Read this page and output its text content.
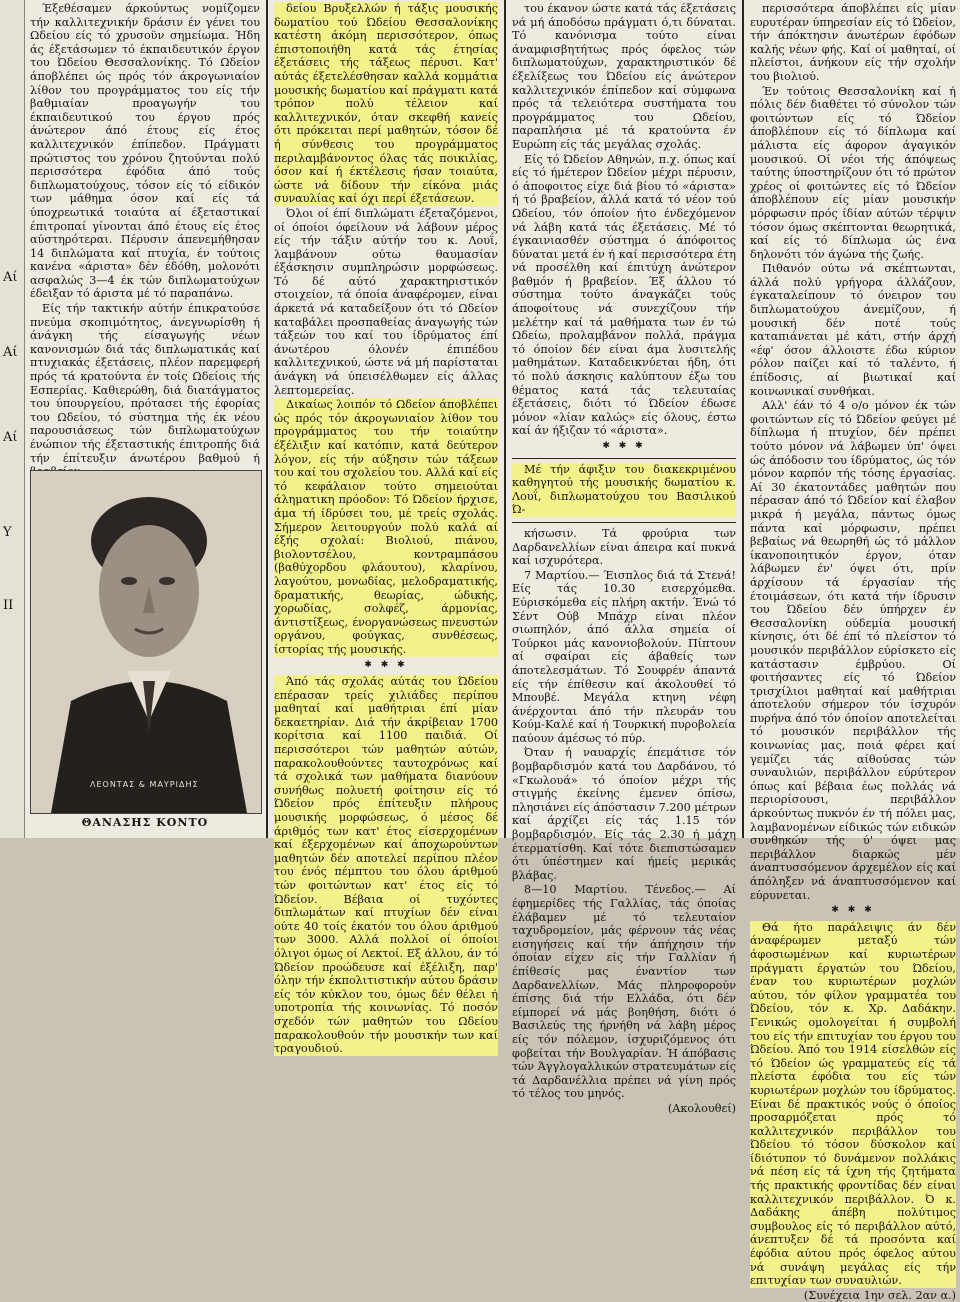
Αί
Υ
ΙΙ
Αί
Αί

Έξεθέσαμεν άρκούντως νομίζομεν τήν καλλιτεχνικήν δράσιν έν γένει του Ωδείου είς τό χρυσοϋν σημείωμα. Ήδη άς έξετάσωμεν τό έκπαιδευτικόν έργον του Ώδείου Θεσσαλονίκης. Τό Ωδείον άποβλέπει ώς πρός τόν άκρογωνιαίον λίθον του προγράμματος του είς τήν βαθμιαίαν προαγωγήν του έκπαιδευτικού του έργου πρός άνώτερον άπό έτους είς έτος καλλιτεχνικόν έπίπεδον. Πράγματι πρώτιστος του χρόνου ζητούνται πολύ περισσότερα έφόδια άπό τούς διπλωματούχους, τόσον είς τό είδικόν των μάθημα όσον καί είς τά ύποχρεωτικά τοιαύτα αί έξεταστικαί έπιτροπαί γίνονται άπό έτους είς έτος αύστηρότεραι. Πέρυσιν άπενεμήθησαν 14 διπλώματα καί πτυχία, έν τούτοις κανένα «άριστα» δέν έδόθη, μολονότι ασφαλώς 3—4 έκ τών διπλωματούχων έδειξαν τό άριστα μέ τό παραπάνω.

Είς τήν τακτικήν αύτήν έπικρατούσε πνεύμα σκοπιμότητος, άνεγνωρίσθη ή άνάγκη τής είσαγωγής νέων κανονισμών διά τάς διπλωματικάς καί πτυχιακάς έξετάσεις, πλέον παρεμφερή πρός τά κρατούντα έν τοίς Ωδείοις τής Εσπερίας. Καθιερώθη, διά διατάγματος του ύπουργείου, πρότασει τής έφορίας του Ωδείου, τό σύστημα τής έκ νέου παρουσιάσεως τών διπλωματούχων ένώπιον τής έξεταστικής έπιτροπής διά τήν έπίτευξιν άνωτέρου βαθμού ή

ΛΕΟΝΤΑΣ & ΜΑΥΡΙΔΗΣ
ΘΑΝΑΣΗΣ ΚΟΝΤΟ

δείου Βρυξελλών ή τάξις μουσικής δωματίου τού Ώδείου Θεσσαλονίκης κατέστη άκόμη περισσότερον, όπως έπιστοποιήθη κατά τάς έτησίας έξετάσεις τής τάξεως πέρυσι. Κατ' αύτάς έξετελέσθησαν καλλά κομμάτια μουσικής δωματίου καί πράγματι κατά τρόπον πολύ τέλειον καί καλλιτεχνικόν, όταν σκεφθή κανείς ότι πρόκειται περί μαθητών, τόσον δέ ή σύνθεσις του προγράμματος περιλαμβάνοντος όλας τάς ποικιλίας, όσον καί ή έκτέλεσις ήσαν τοιαύτα, ώστε νά δίδουν τήν είκόνα μιάς συναυλίας καί όχι περί έξετάσεων.

Όλοι οί έπί διπλώματι έξεταζόμενοι, οί όποίοι όφείλουν νά λάβουν μέρος είς τήν τάξιν αύτήν του κ. Λουΐ, λαμβάνουν ούτω θαυμασίαν έξάσκησιν συμπληρώσιν μορφώσεως. Τό δέ αύτό χαρακτηριστικόν στοιχείον, τά όποία άναφέρομεν, είναι άρκετά νά καταδείξουν ότι τό Ωδείον καταβάλει προσπαθείας άναγωγής τών τάξεών του καί του ίδρύματος έπί άνωτέρου όλονέν έπιπέδου καλλιτεχνικού, ώστε νά μή παρίσταται άνάγκη νά ύπεισέλθωμεν είς άλλας λεπτομερείας.

Δικαίως λοιπόν τό Ωδείον άποβλέπει ώς πρός τόν άκρογωνιαίον λίθον του προγράμματος του τήν τοιαύτην έξέλιξιν καί κατόπιν, κατά δεύτερον λόγον, είς τήν αύξησιν τών τάξεων του καί του σχολείου του. Αλλά καί είς τό κεφάλαιον τούτο σημειούται άληματικη πρόοδον: Τό Ώδείον ήρχισε, άμα τή ίδρύσει του, μέ τρείς σχολάς. Σήμερον λειτουργούν πολύ καλά αί έξής σχολαί: Βιολιού, πιάνου, βιολοντσέλου, κοντραμπάσου (βαθύχορδου φλάουτου), κλαρίνου, λαγούτου, μονωδίας, μελοδραματικής, δραματικής, θεωρίας, ώδικής, χορωδίας, σολφέζ, άρμονίας, άντιστίξεως, ένοργανώσεως πνευστών οργάνου, φούγκας, συνθέσεως, ίστορίας τής μουσικής.

✱ ✱ ✱

Άπό τάς σχολάς αύτάς του Ώδείου επέρασαν τρείς χιλιάδες περίπου μαθηταί καί μαθήτριαι έπί μίαν δεκαετηρίαν. Διά τήν άκρίβειαν 1700 κορίτσια καί 1100 παιδιά. Οί περισσότεροι τών μαθητών αύτών, παρακολουθούντες ταυτοχρόνως καί τά σχολικά των μαθήματα διανύουν συνήθως πολυετή φοίτησιν είς τό Ώδείον πρός έπίτευξιν πλήρους μουσικής μορφώσεως, ό μέσος δέ άριθμός των κατ' έτος είσερχομένων καί έξερχομένων καί άποχωρούντων μαθητών δέν αποτελεί περίπου πλέον του ένός πέμπτου του όλου άριθμού τών φοιτώντων κατ' έτος είς τό Ώδείον. Βέβαια οί τυχόντες διπλωμάτων καί πτυχίων δέν είναι ούτε 40 τοίς έκατόν του όλου άριθμού των 3000. Αλλά πολλοί οί όποίοι όλιγοι όμως οί Λεκτοί. Εξ άλλου, άν τό Ώδείον προώδευσε καί έξέλιξη, παρ' όλην τήν έκπολιτιστικήν αύτου δράσιν είς τόν κύκλον του, όμως δέν θέλει ή υποτροπία τής κοινωνίας. Τό ποσόν σχεδόν τών μαθητών του Ωδείου παρακολουθούν τήν μουσικήν των καί τραγουδιού.

του έκανον ώστε κατά τάς έξετάσεις νά μή άποδόσω πράγματι ό,τι δύναται. Τό κανόνισμα τούτο είναι άναμφισβητήτως πρός όφελος τών διπλωματούχων, χαρακτηριστικόν δέ έξελίξεως του Ώδείου είς άνώτερον καλλιτεχνικόν έπίπεδον καί σύμφωνα πρός τά τελειότερα συστήματα του προγράμματος του Ωδείου, παραπλήσια μέ τά κρατούντα έν Ευρώπη είς τάς μεγάλας σχολάς.

Είς τό Ώδείον Αθηνών, π.χ. όπως καί είς τό ήμέτερον Ώδείον μέχρι πέρυσιν, ό άποφοιτος είχε διά βίου τό «άριστα» ή τό βραβείον, άλλά κατά τό νέον τού Ωδείου, τόν όποίον ήτο ένδεχόμενον νά λάβη κατά τάς έξετάσεις. Μέ τό έγκαινιασθέν σύστημα ό άπόφοιτος δύναται μετά έν ή καί περισσότερα έτη νά προσέλθη καί έπιτύχη άνώτερον βαθμόν ή βραβείον. Έξ άλλου τό σύστημα τούτο άναγκάζει τούς άποφοίτους νά συνεχίζουν τήν μελέτην καί τά μαθήματα των έν τώ Ωδείω, προλαμβάνον πολλά, πράγμα τό όποίον δέν είναι άμα λυσιτελής μαθημάτων. Καταδεικνύεται ήδη, ότι τό πολύ άσκησις καλύπτουν έξω του θέματος κατά τάς τελευταίας έξετάσεις, διότι τό Ώδείον έδωσε μόνον «λίαν καλώς» είς όλους, έστω καί άν ήξιζαν τό «άριστα».

✱ ✱ ✱

Μέ τήν άφιξιν του διακεκριμένου καθηγητού τής μουσικής δωματίου κ. Λουΐ, διπλωματούχου του Βασιλικού Ώ-

κήσωσιν. Τά φρούρια των Δαρδανελλίων είναι άπειρα καί πυκνά καί ισχυρότερα.

7 Μαρτίου.— Έισπλος διά τά Στενά! Είς τάς 10.30 εισερχόμεθα. Εύρισκόμεθα είς πλήρη ακτήν. Ένώ τό Σέντ Ούβ Μπάχρ είναι πλέον σιωπηλόν, άπό άλλα σημεία οί Τούρκοι μάς κανονιοβολούν. Πίπτουν αί σφαίραι είς άβαθείς των άποτελεσμάτων. Τό Σουφρέν άπαντά είς τήν έπίθεσιν καί άκολουθεί τό Μπουβέ. Μεγάλα κτηνη νέφη άνέρχονται άπό τήν πλευράν του Κούμ-Καλέ καί ή Τουρκική πυροβολεία παύουν άμέσως τό πύρ.

Όταν ή ναυαρχίς έπεμάτισε τόν βομβαρδισμόν κατά του Δαρδάνου, τό «Γκωλουά» τό όποίον μέχρι τής στιγμής έκείνης έμενεν όπίσω, πλησιάνει είς άπόστασιν 7.200 μέτρων καί άρχίζει είς τάς 1.15 τόν βομβαρδισμόν. Είς τάς 2.30 ή μάχη έτερματίσθη. Καί τότε διεπιστώσαμεν ότι ύπέστημεν καί ήμείς μερικάς βλάβας.

8—10 Μαρτίου. Τένεδος.— Αί έφημερίδες τής Γαλλίας, τάς όποίας έλάβαμεν μέ τό τελευταίον ταχυδρομείον, μάς φέρνουν τάς νέας εισηγήσεις καί τήν άπήχησιν τήν όποίαν είχεν είς τήν Γαλλίαν ή έπίθεσίς μας έναντίον των Δαρδανελλίων. Μάς πληροφορούν έπίσης διά τήν Ελλάδα, ότι δέν είμπορεί νά μάς βοηθήση, διότι ό Βασιλεύς της ήρνήθη νά λάβη μέρος είς τόν πόλεμον, ίσχυριζόμενος ότι φοβείται τήν Βουλγαρίαν. Ή άπόβασις τών Άγγλογαλλικών στρατευμάτων είς τά Δαρδανέλλια πρέπει νά γίνη πρός τό τέλος του μηνός.

(Ακολουθεί)

περισσότερα άποβλέπει είς μίαν ευρυτέραν ύπηρεσίαν είς τό Ώδείον, τήν άπόκτησιν άνωτέρων έφόδων καλής νέων φής. Καί οί μαθηταί, οί πλείστοι, άνήκουν είς τήν σχολήν του βιολιού.

Έν τούτοις Θεσσαλονίκη καί ή πόλις δέν διαθέτει τό σύνολον τών φοιτώντων είς τό Ώδείον άποβλέπουν είς τό δίπλωμα καί μάλιστα είς άφορον άγαγικόν μουσικού. Οί νέοι τής άπόψεως ταύτης ύποστηρίζουν ότι τό πρώτον χρέος οί φοιτώντες είς τό Ώδείον άποβλέπουν είς μίαν μουσικήν μόρφωσιν πρός ίδίαν αύτών τέρψιν τόσον όμως σκέπτονται θεωρητικά, καί είς τό δίπλωμα ώς ένα δηλονότι τόν άγώνα τής ζωής.

Πιθανόν ούτω νά σκέπτωνται, άλλά πολύ γρήγορα άλλάζουν, έγκαταλείπουν τό όνειρον του διπλωματούχου άνεμίζουν, ή μουσική δέν ποτέ τούς καταπιάνεται μέ κάτι, στήν άρχή «έφ' όσον άλλοιστε έδω κύριον ρόλον παίζει καί τό ταλέντο, ή έπίδοσις, αί βιωτικαί καί κοινωνικαί συνθήκαι.

Αλλ' έάν τό 4 ο/ο μόνον έκ τών φοιτώντων είς τό Ώδείον φεύγει μέ δίπλωμα ή πτυχίον, δέν πρέπει τούτο μόνον νά λάβωμεν ύπ' όψει ώς άπόδοσιν του ίδρύματος, ώς τόν μόνον καρπόν τής τόσης έργασίας. Αί 30 έκατοντάδες μαθητών που πέρασαν άπό τό Ώδείον καί έλαβον μικρά ή μεγάλα, πάντως όμως πάντα καί μόρφωσιν, πρέπει βεβαίως νά θεωρηθή ώς τό μάλλον ίκανοποιητικόν έργον, όταν λάβωμεν έν' όψει ότι, πρίν άρχίσουν τά έργασίαν τής έτοιμάσεων, ότι κατά τήν ίδρυσιν του Ώδείου δέν ύπήρχεν έν Θεσσαλονίκη ούδεμία μουσική κίνησις, ότι δέ έπί τό πλείστον τό μουσικόν περιβάλλον εύρίσκετο είς κατάστασιν έμβρύου. Οί φοιτήσαντες είς τό Ώδείον τρισχίλιοι μαθηταί καί μαθήτριαι άποτελούν σήμερον τόν ίσχυρόν πυρήνα άπό τόν όποίον αποτελείται τό μουσικόν περιβάλλον τής κοινωνίας μας, ποιά φέρει καί γεμίζει τάς αίθούσας τών συναυλιών, περιβάλλον εύρύτερον όπως καί βέβαια έως πολλάς νά περιορίσουσι, περιβάλλον άρκούντως πυκνόν έν τή πόλει μας, λαμβανομένων είδικώς τών ειδικών συνθηκών τής ύ' όψει μας περιβάλλον διαρκώς μέν άναπτυσσόμενον άρχεμέλον είς καί άπόληξεν νά άναπτυσσόμενον καί εύρυνεται.

✱ ✱ ✱

Θά ήτο παράλειψις άν δέν άναφέρωμεν μεταξύ τών άφοσιωμένων καί κυριωτέρων πράγματι έργατών του Ώδείου, έναν του κυριωτέρων μοχλών αύτου, τόν φίλον γραμματέα του Ώδείου, τόν κ. Χρ. Δαδάκην. Γενικώς ομολογείται ή συμβολή του είς τήν επιτυχίαν του έργου του Ώδείου. Άπό του 1914 είσελθών είς τό Ώδείον ώς γραμματεύς είς τά πλείστα έφόδια του είς τών κυριωτέρων μοχλών του ίδρύματος. Είναι δέ πρακτικός νούς ό όποίος προσαρμόζεται πρός τό καλλιτεχνικόν περιβάλλον του Ώδείου τό τόσον δύσκολον καί ίδιότυπον τό δυνάμενον πολλάκις νά πέση είς τά ίχνη τής ζητήματα τής πρακτικής φροντίδας δέν είναι καλλιτεχνικόν περιβάλλον. Ό κ. Δαδάκης άπέβη πολύτιμος συμβουλος είς τό περιβάλλον αύτό, άνεπτυξεν δέ τά προσόντα καί έφόδια αύτου πρός όφελος αύτου νά συνάψη μεγάλας είς τήν επιτυχίαν των συναυλιών.

(Συνέχεια 1ην σελ. 2αν α.)
